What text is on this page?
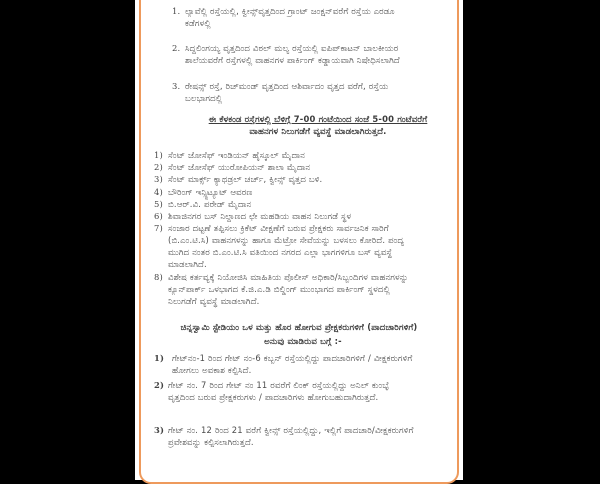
1. ಲ್ಯಾವೆಲ್ಲಿ ರಸ್ತೆಯಲ್ಲಿ, ಕ್ವೀನ್ಸ್‌ವೃತ್ತದಿಂದ ಗ್ರಾಂಟ್ ಜಂಕ್ಷನ್‌ವರೆಗೆ ರಸ್ತೆಯ ಎರಡೂ
ಕಡೆಗಳಲ್ಲಿ
2. ಸಿದ್ದಲಿಂಗಯ್ಯ ವೃತ್ತದಿಂದ ವಿಠಲ್ ಮಲ್ಯ ರಸ್ತೆಯಲ್ಲಿ ಐಪಿಪ್‌ಕಾಟನ್ ಬಾಲಕೀಯರ
ಶಾಲೆಯವರೆಗೆ ರಸ್ತೆಗಳಲ್ಲಿ ವಾಹನಗಳ ಪಾರ್ಕಿಂಗ್ ಕಡ್ಡಾಯವಾಗಿ ನಿಷೇಧಿಸಲಾಗಿದೆ
3. ರೇಷನ್ಸ್ ರಸ್ತೆ, ರಿಚ್‌ಮಂಡ್ ವೃತ್ತದಿಂದ ಆಶಿರ್ವಾದಂ ವೃತ್ತದ ವರೆಗೆ, ರಸ್ತೆಯ
ಬಲಭಾಗದಲ್ಲಿ
ಈ ಕೆಳಕಂಡ ರಸ್ತೆಗಳಲ್ಲಿ ಬೆಳಿಗ್ಗೆ 7-00 ಗಂಟೆಯಿಂದ ಸಂಜೆ 5-00 ಗಂಟೆವರೆಗೆ
ವಾಹನಗಳ ನಿಲುಗಡೆಗೆ ವ್ಯವಸ್ಥೆ ಮಾಡಲಾಗಿರುತ್ತದೆ.
1) ಸೆಂಟ್ ಜೋಸೆಫ್ ಇಂಡಿಯನ್ ಹೈಸ್ಕೂಲ್ ಮೈದಾನ
2) ಸೆಂಟ್ ಜೋಸೆಫ್ ಯುರೋಪಿಯನ್ ಶಾಲಾ ಮೈದಾನ
3) ಸೆಂಟ್ ಮಾರ್ಕ್ಸ್ ಕ್ಯಾಥಡ್ರಲ್ ಚರ್ಚ್, ಕ್ವೀನ್ಸ್ ವೃತ್ತದ ಬಳಿ.
4) ಬೌರಿಂಗ್ ಇನ್ಸ್ಟಿಟ್ಯೂಟ್ ಆವರಣ
5) ಬಿ.ಆರ್.ವಿ. ಪರೇಡ್ ಮೈದಾನ
6) ಶಿವಾಜಿನಗರ ಬಸ್ ನಿಲ್ದಾಣದ ಛೇ ಮಹಡಿಯ ವಾಹನ ನಿಲುಗಡೆ ಸ್ಥಳ
7) ಸಂಜಾರ ದಟ್ಟಣೆ ತಪ್ಪಿಸಲು ಕ್ರಿಕೆಟ್ ವೀಕ್ಷಣೆಗೆ ಬರುವ ಪ್ರೇಕ್ಷಕರು ಸಾರ್ವಜನಿಕ ಸಾರಿಗೆ
(ಬಿ.ಎಂ.ಟಿ.ಸಿ) ವಾಹನಗಳನ್ನು ಹಾಗೂ ಮೆಟ್ರೋ ಸೇವೆಯನ್ನು ಬಳಸಲು ಕೋರಿದೆ. ಪಂದ್ಯ
ಮುಗಿದ ನಂತರ ಬಿ.ಎಂ.ಟಿ.ಸಿ ವತಿಯಿಂದ ನಗರದ ಎಲ್ಲಾ ಭಾಗಗಳಿಗೂ ಬಸ್ ವ್ಯವಸ್ಥೆ
ಮಾಡಲಾಗಿದೆ.
8) ವಿಶೇಷ ಕರ್ತವ್ಯಕ್ಕೆ ನಿಯೋಜಿಸಿ ಮಾಹಿತಿಯ ಪೊಲೀಸ್ ಅಧಿಕಾರಿ/ಸಿಬ್ಬಂದಿಗಳ ವಾಹನಗಳನ್ನು
ಕ್ಯೂನ್‌ಪಾರ್ಕ್ ಒಳಭಾಗದ ಕೆ.ಜಿ.ಎ.ಡಿ ಬಿಲ್ಡಿಂಗ್ ಮುಂಭಾಗದ ಪಾರ್ಕಿಂಗ್ ಸ್ಥಳದಲ್ಲಿ
ನಿಲುಗಡೆಗೆ ವ್ಯವಸ್ಥೆ ಮಾಡಲಾಗಿದೆ.
ಚಿನ್ನಸ್ವಾಮಿ ಸ್ಟೇಡಿಯಂ ಒಳ ಮತ್ತು ಹೊರ ಹೋಗುವ ಪ್ರೇಕ್ಷಕರುಗಳಿಗೆ (ಪಾದಚಾರಿಗಳಿಗೆ)
ಅನುವು ಮಾಡಿರುವ ಬಗ್ಗೆ :-
1) ಗೇಟ್‌ನಂ-1 ರಿಂದ ಗೇಟ್ ನಂ-6 ಕಬ್ಬನ್ ರಸ್ತೆಯಲ್ಲಿದ್ದು ಪಾದಚಾರಿಗಳಿಗೆ / ವೀಕ್ಷಕರುಗಳಿಗೆ
ಹೋಗಲು ಅವಕಾಶ ಕಲ್ಪಿಸಿದೆ.
2) ಗೇಟ್ ನಂ. 7 ರಿಂದ ಗೇಟ್ ನಂ 11 ರವರೆಗೆ ಲಿಂಕ್ ರಸ್ತೆಯಲ್ಲಿದ್ದು ಅನಿಲ್ ಕುಂಬ್ಳೆ
ವೃತ್ತದಿಂದ ಬರುವ ಪ್ರೇಕ್ಷಕರುಗಳು / ಪಾದಚಾರಿಗಳು ಹೋಗುಬಹುದಾಗಿರುತ್ತದೆ.
3) ಗೇಟ್ ನಂ. 12 ರಿಂದ 21 ವರೆಗೆ ಕ್ವೀನ್ಸ್ ರಸ್ತೆಯಲ್ಲಿದ್ದು, ಇಲ್ಲಿಗೆ ಪಾದಚಾರಿ/ವೀಕ್ಷಕರುಗಳಿಗೆ
ಪ್ರವೇಶವನ್ನು ಕಲ್ಪಿಸಲಾಗಿರುತ್ತದೆ.
